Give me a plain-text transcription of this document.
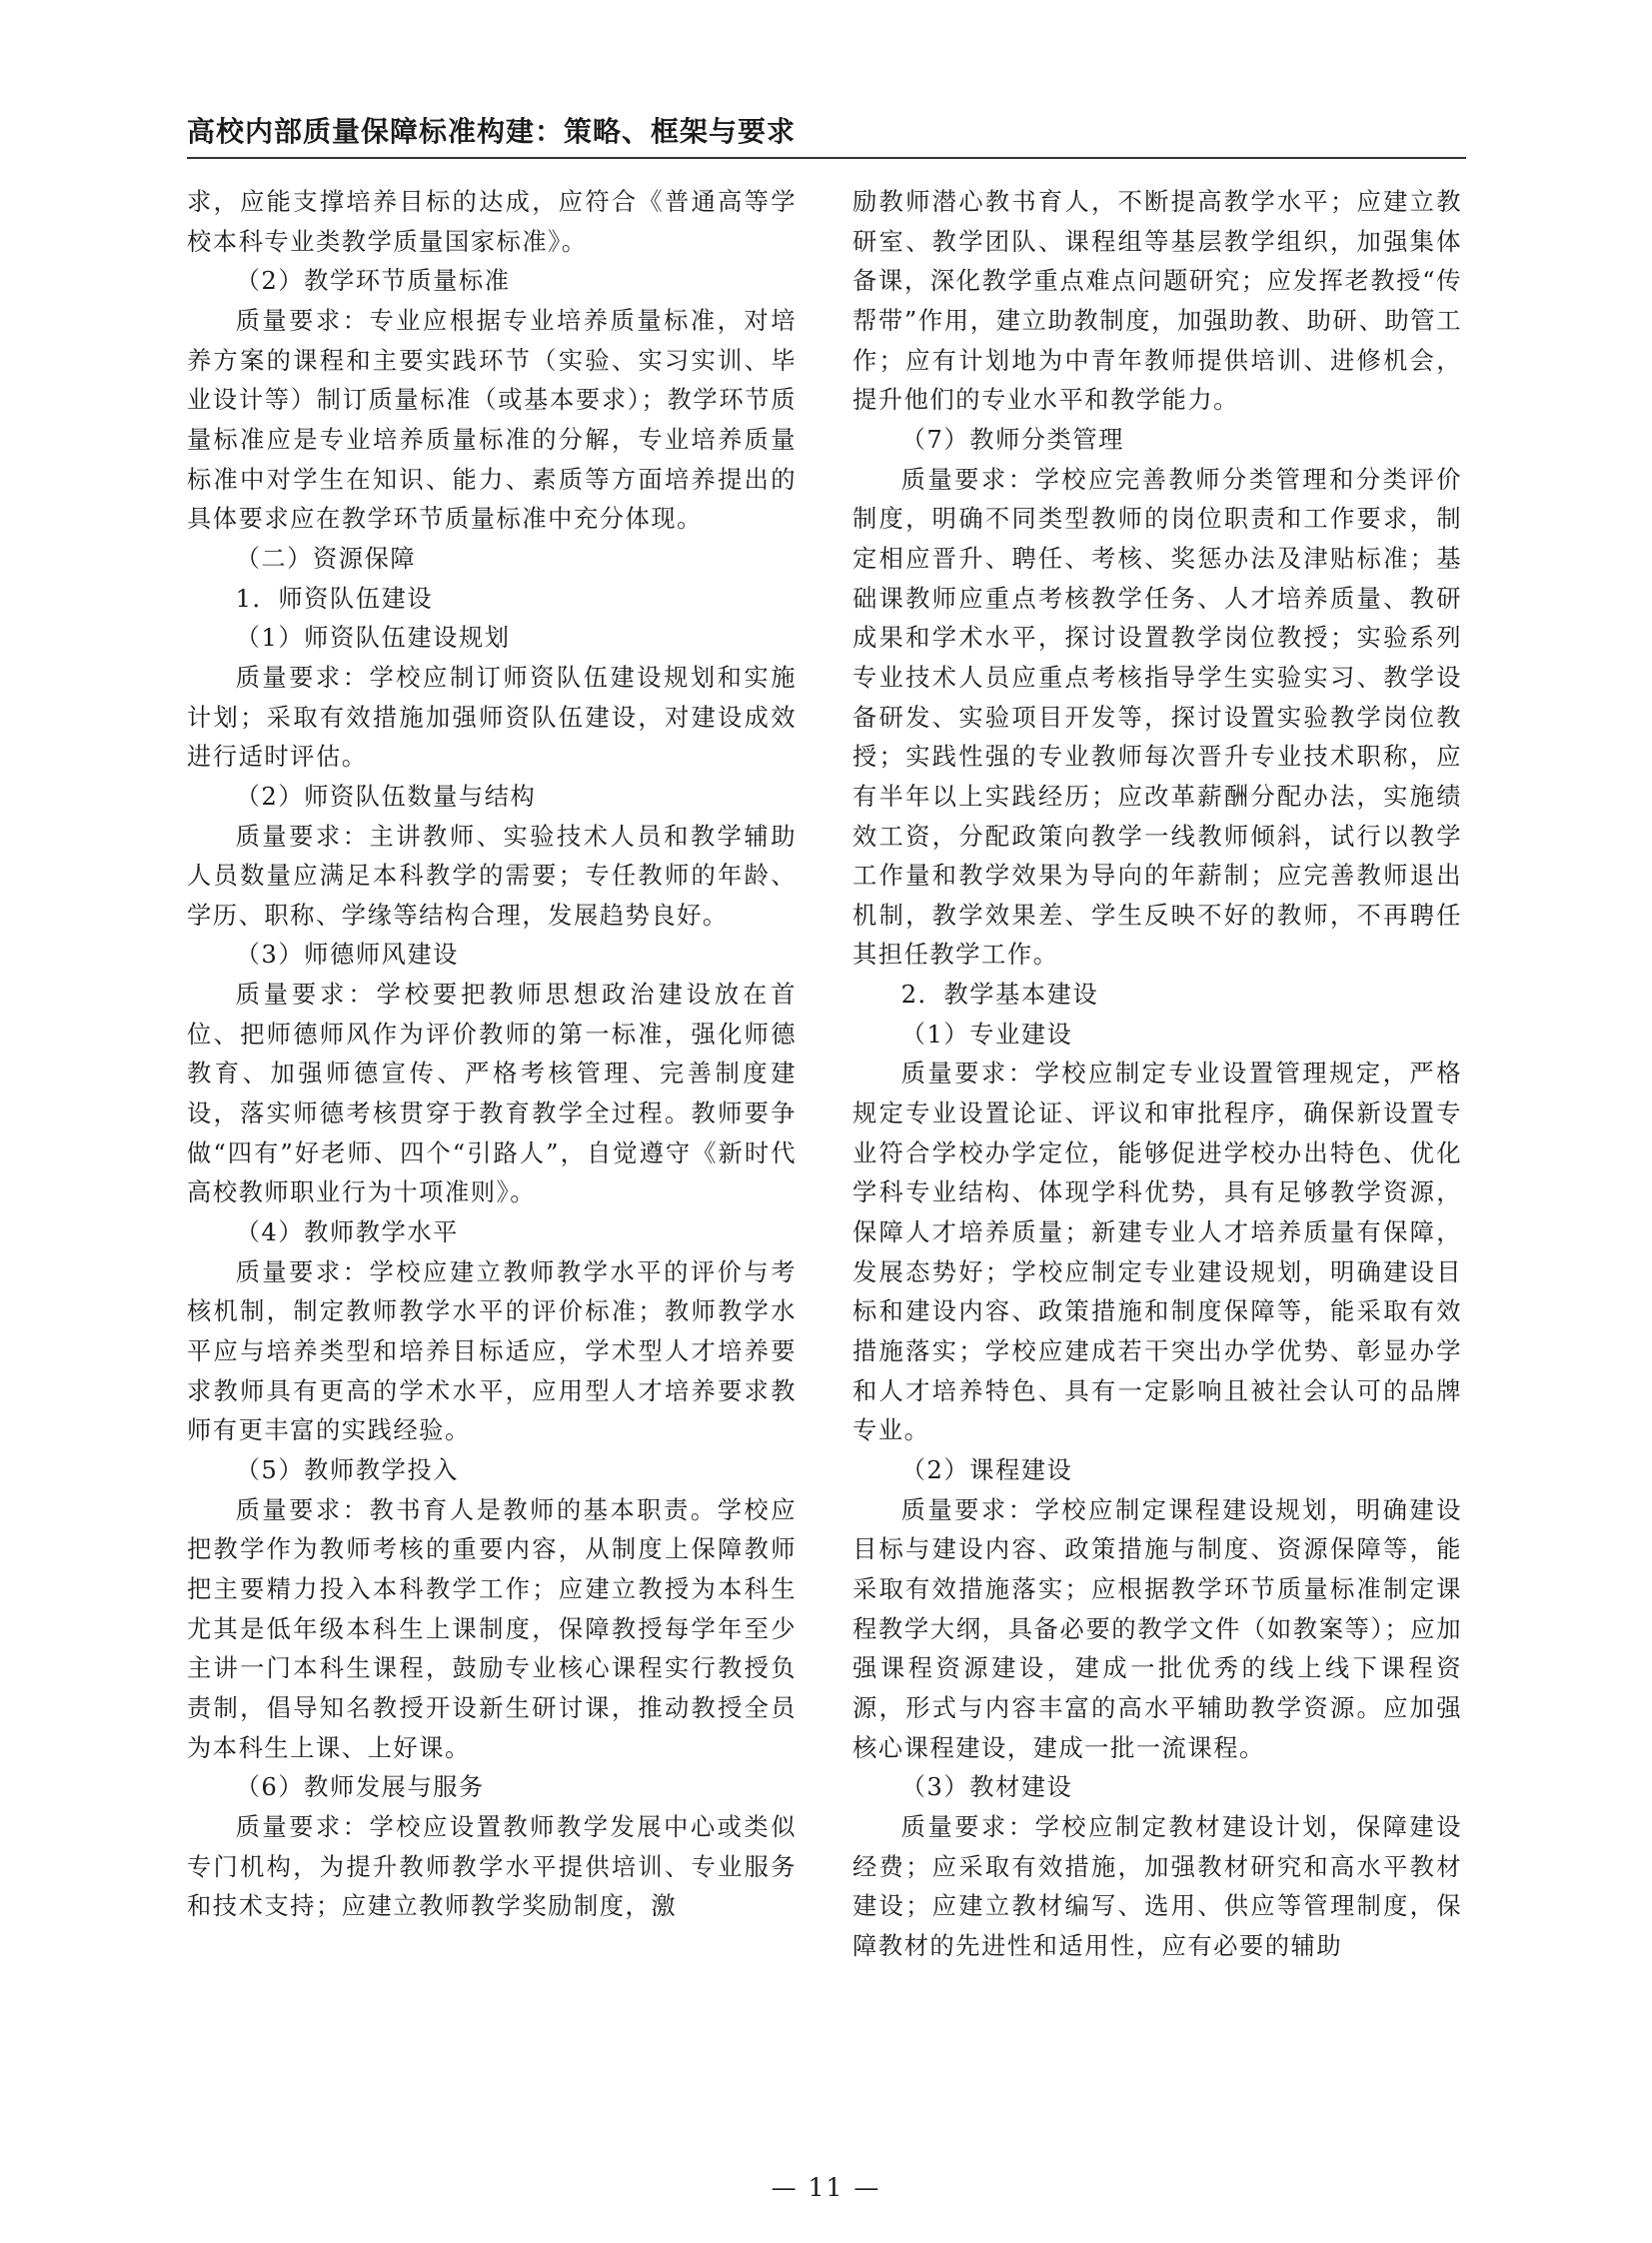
高校内部质量保障标准构建：策略、框架与要求

求，应能支撑培养目标的达成，应符合《普通高等学校本科专业类教学质量国家标准》。

（2）教学环节质量标准

质量要求：专业应根据专业培养质量标准，对培养方案的课程和主要实践环节（实验、实习实训、毕业设计等）制订质量标准（或基本要求）；教学环节质量标准应是专业培养质量标准的分解，专业培养质量标准中对学生在知识、能力、素质等方面培养提出的具体要求应在教学环节质量标准中充分体现。

（二）资源保障

1．师资队伍建设

（1）师资队伍建设规划

质量要求：学校应制订师资队伍建设规划和实施计划；采取有效措施加强师资队伍建设，对建设成效进行适时评估。

（2）师资队伍数量与结构

质量要求：主讲教师、实验技术人员和教学辅助人员数量应满足本科教学的需要；专任教师的年龄、学历、职称、学缘等结构合理，发展趋势良好。

（3）师德师风建设

质量要求：学校要把教师思想政治建设放在首位、把师德师风作为评价教师的第一标准，强化师德教育、加强师德宣传、严格考核管理、完善制度建设，落实师德考核贯穿于教育教学全过程。教师要争做“四有”好老师、四个“引路人”，自觉遵守《新时代高校教师职业行为十项准则》。

（4）教师教学水平

质量要求：学校应建立教师教学水平的评价与考核机制，制定教师教学水平的评价标准；教师教学水平应与培养类型和培养目标适应，学术型人才培养要求教师具有更高的学术水平，应用型人才培养要求教师有更丰富的实践经验。

（5）教师教学投入

质量要求：教书育人是教师的基本职责。学校应把教学作为教师考核的重要内容，从制度上保障教师把主要精力投入本科教学工作；应建立教授为本科生尤其是低年级本科生上课制度，保障教授每学年至少主讲一门本科生课程，鼓励专业核心课程实行教授负责制，倡导知名教授开设新生研讨课，推动教授全员为本科生上课、上好课。

（6）教师发展与服务

质量要求：学校应设置教师教学发展中心或类似专门机构，为提升教师教学水平提供培训、专业服务和技术支持；应建立教师教学奖励制度，激

励教师潜心教书育人，不断提高教学水平；应建立教研室、教学团队、课程组等基层教学组织，加强集体备课，深化教学重点难点问题研究；应发挥老教授“传帮带”作用，建立助教制度，加强助教、助研、助管工作；应有计划地为中青年教师提供培训、进修机会，提升他们的专业水平和教学能力。

（7）教师分类管理

质量要求：学校应完善教师分类管理和分类评价制度，明确不同类型教师的岗位职责和工作要求，制定相应晋升、聘任、考核、奖惩办法及津贴标准；基础课教师应重点考核教学任务、人才培养质量、教研成果和学术水平，探讨设置教学岗位教授；实验系列专业技术人员应重点考核指导学生实验实习、教学设备研发、实验项目开发等，探讨设置实验教学岗位教授；实践性强的专业教师每次晋升专业技术职称，应有半年以上实践经历；应改革薪酬分配办法，实施绩效工资，分配政策向教学一线教师倾斜，试行以教学工作量和教学效果为导向的年薪制；应完善教师退出机制，教学效果差、学生反映不好的教师，不再聘任其担任教学工作。

2．教学基本建设

（1）专业建设

质量要求：学校应制定专业设置管理规定，严格规定专业设置论证、评议和审批程序，确保新设置专业符合学校办学定位，能够促进学校办出特色、优化学科专业结构、体现学科优势，具有足够教学资源，保障人才培养质量；新建专业人才培养质量有保障，发展态势好；学校应制定专业建设规划，明确建设目标和建设内容、政策措施和制度保障等，能采取有效措施落实；学校应建成若干突出办学优势、彰显办学和人才培养特色、具有一定影响且被社会认可的品牌专业。

（2）课程建设

质量要求：学校应制定课程建设规划，明确建设目标与建设内容、政策措施与制度、资源保障等，能采取有效措施落实；应根据教学环节质量标准制定课程教学大纲，具备必要的教学文件（如教案等）；应加强课程资源建设，建成一批优秀的线上线下课程资源，形式与内容丰富的高水平辅助教学资源。应加强核心课程建设，建成一批一流课程。

（3）教材建设

质量要求：学校应制定教材建设计划，保障建设经费；应采取有效措施，加强教材研究和高水平教材建设；应建立教材编写、选用、供应等管理制度，保障教材的先进性和适用性，应有必要的辅助

— 11 —
